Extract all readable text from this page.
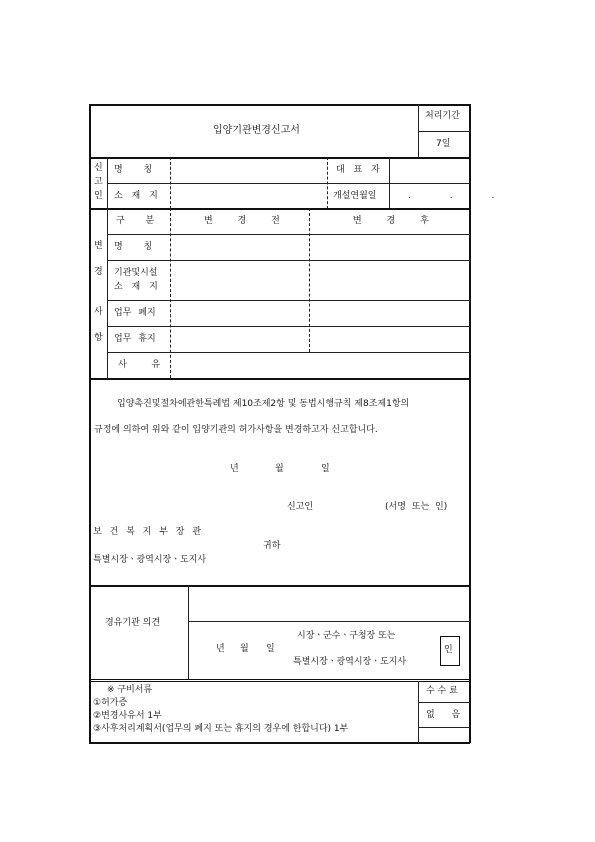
입양기관변경신고서
처리기간
7일
신
고
인
명 칭	대 표 자
소 재 지	개설연월일	. . .
변
경
사
항
구 분	변 경 전	변 경 후
명 칭
기관및시설
소 재 지
업무 폐지
업무 휴지
사 유
입양촉진및절차에관한특례법 제10조제2항 및 동법시행규칙 제8조제1항의
규정에 의하여 위와 같이 입양기관의 허가사항을 변경하고자 신고합니다.
년	월	일
신고인	(서명 또는 인)
보 건 복 지 부 장 관
귀하
특별시장ㆍ광역시장ㆍ도지사
경유기관 의견
년 월 일
시장ㆍ군수ㆍ구청장 또는
특별시장ㆍ광역시장ㆍ도지사
인
※ 구비서류
①허가증
②변경사유서 1부
③사후처리계획서(업무의 폐지 또는 휴지의 경우에 한합니다) 1부
수 수 료
없 음
